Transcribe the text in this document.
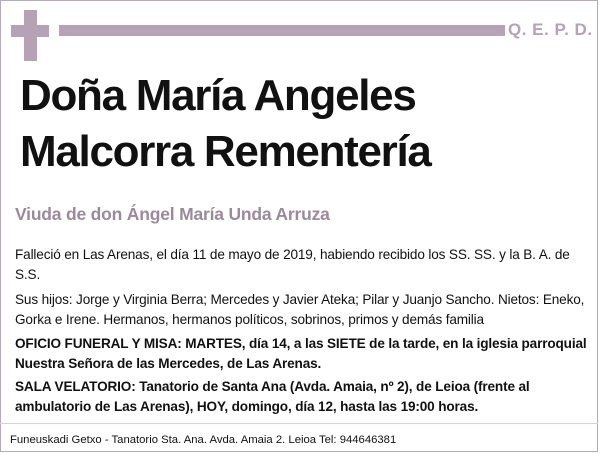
Q. E. P. D.
Doña María Angeles
Malcorra Rementería
Viuda de don Ángel María Unda Arruza
Falleció en Las Arenas, el día 11 de mayo de 2019, habiendo recibido los SS. SS. y la B. A. de S.S.
Sus hijos: Jorge y Virginia Berra; Mercedes y Javier Ateka; Pilar y Juanjo Sancho. Nietos: Eneko, Gorka e Irene. Hermanos, hermanos políticos, sobrinos, primos y demás familia
OFICIO FUNERAL Y MISA: MARTES, día 14, a las SIETE de la tarde, en la iglesia parroquial Nuestra Señora de las Mercedes, de Las Arenas.
SALA VELATORIO: Tanatorio de Santa Ana (Avda. Amaia, nº 2), de Leioa (frente al ambulatorio de Las Arenas), HOY, domingo, día 12, hasta las 19:00 horas.
Funeuskadi Getxo - Tanatorio Sta. Ana. Avda. Amaia 2. Leioa Tel: 944646381
